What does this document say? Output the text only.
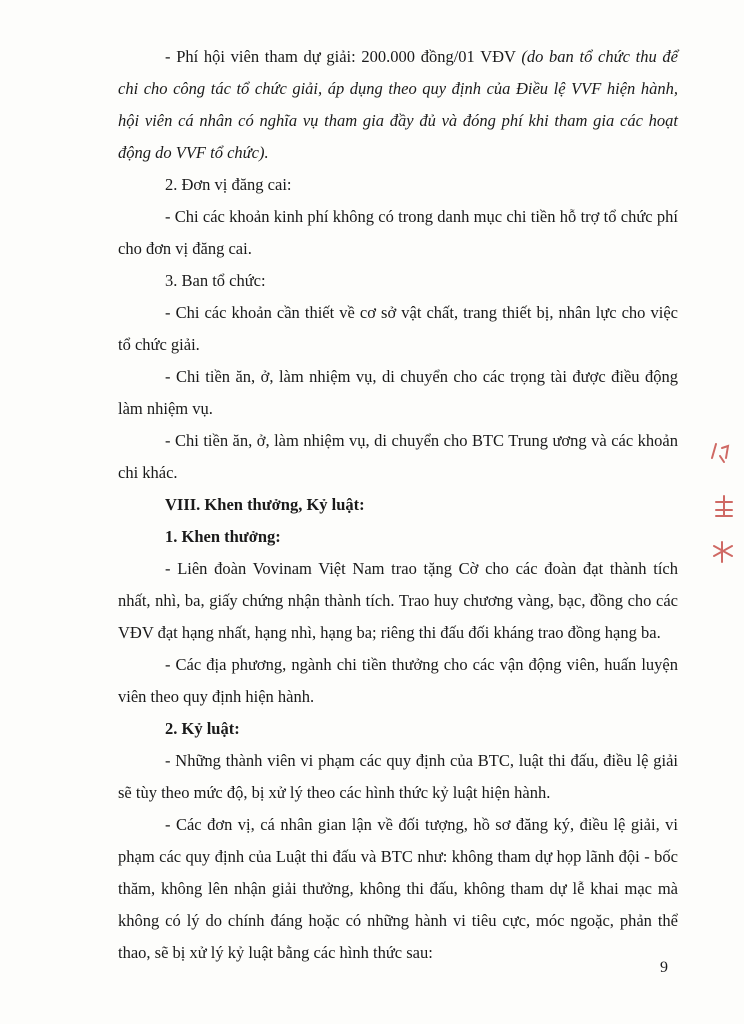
- Phí hội viên tham dự giải: 200.000 đồng/01 VĐV (do ban tổ chức thu để chi cho công tác tổ chức giải, áp dụng theo quy định của Điều lệ VVF hiện hành, hội viên cá nhân có nghĩa vụ tham gia đầy đủ và đóng phí khi tham gia các hoạt động do VVF tổ chức).

2. Đơn vị đăng cai:

- Chi các khoản kinh phí không có trong danh mục chi tiền hỗ trợ tổ chức phí cho đơn vị đăng cai.

3. Ban tổ chức:

- Chi các khoản cần thiết về cơ sở vật chất, trang thiết bị, nhân lực cho việc tổ chức giải.

- Chi tiền ăn, ở, làm nhiệm vụ, di chuyển cho các trọng tài được điều động làm nhiệm vụ.

- Chi tiền ăn, ở, làm nhiệm vụ, di chuyển cho BTC Trung ương và các khoản chi khác.

VIII. Khen thưởng, Kỷ luật:

1. Khen thưởng:

- Liên đoàn Vovinam Việt Nam trao tặng Cờ cho các đoàn đạt thành tích nhất, nhì, ba, giấy chứng nhận thành tích. Trao huy chương vàng, bạc, đồng cho các VĐV đạt hạng nhất, hạng nhì, hạng ba; riêng thi đấu đối kháng trao đồng hạng ba.

- Các địa phương, ngành chi tiền thưởng cho các vận động viên, huấn luyện viên theo quy định hiện hành.

2. Kỷ luật:

- Những thành viên vi phạm các quy định của BTC, luật thi đấu, điều lệ giải sẽ tùy theo mức độ, bị xử lý theo các hình thức kỷ luật hiện hành.

- Các đơn vị, cá nhân gian lận về đối tượng, hồ sơ đăng ký, điều lệ giải, vi phạm các quy định của Luật thi đấu và BTC như: không tham dự họp lãnh đội - bốc thăm, không lên nhận giải thưởng, không thi đấu, không tham dự lễ khai mạc mà không có lý do chính đáng hoặc có những hành vi tiêu cực, móc ngoặc, phản thể thao, sẽ bị xử lý kỷ luật bằng các hình thức sau:

9
